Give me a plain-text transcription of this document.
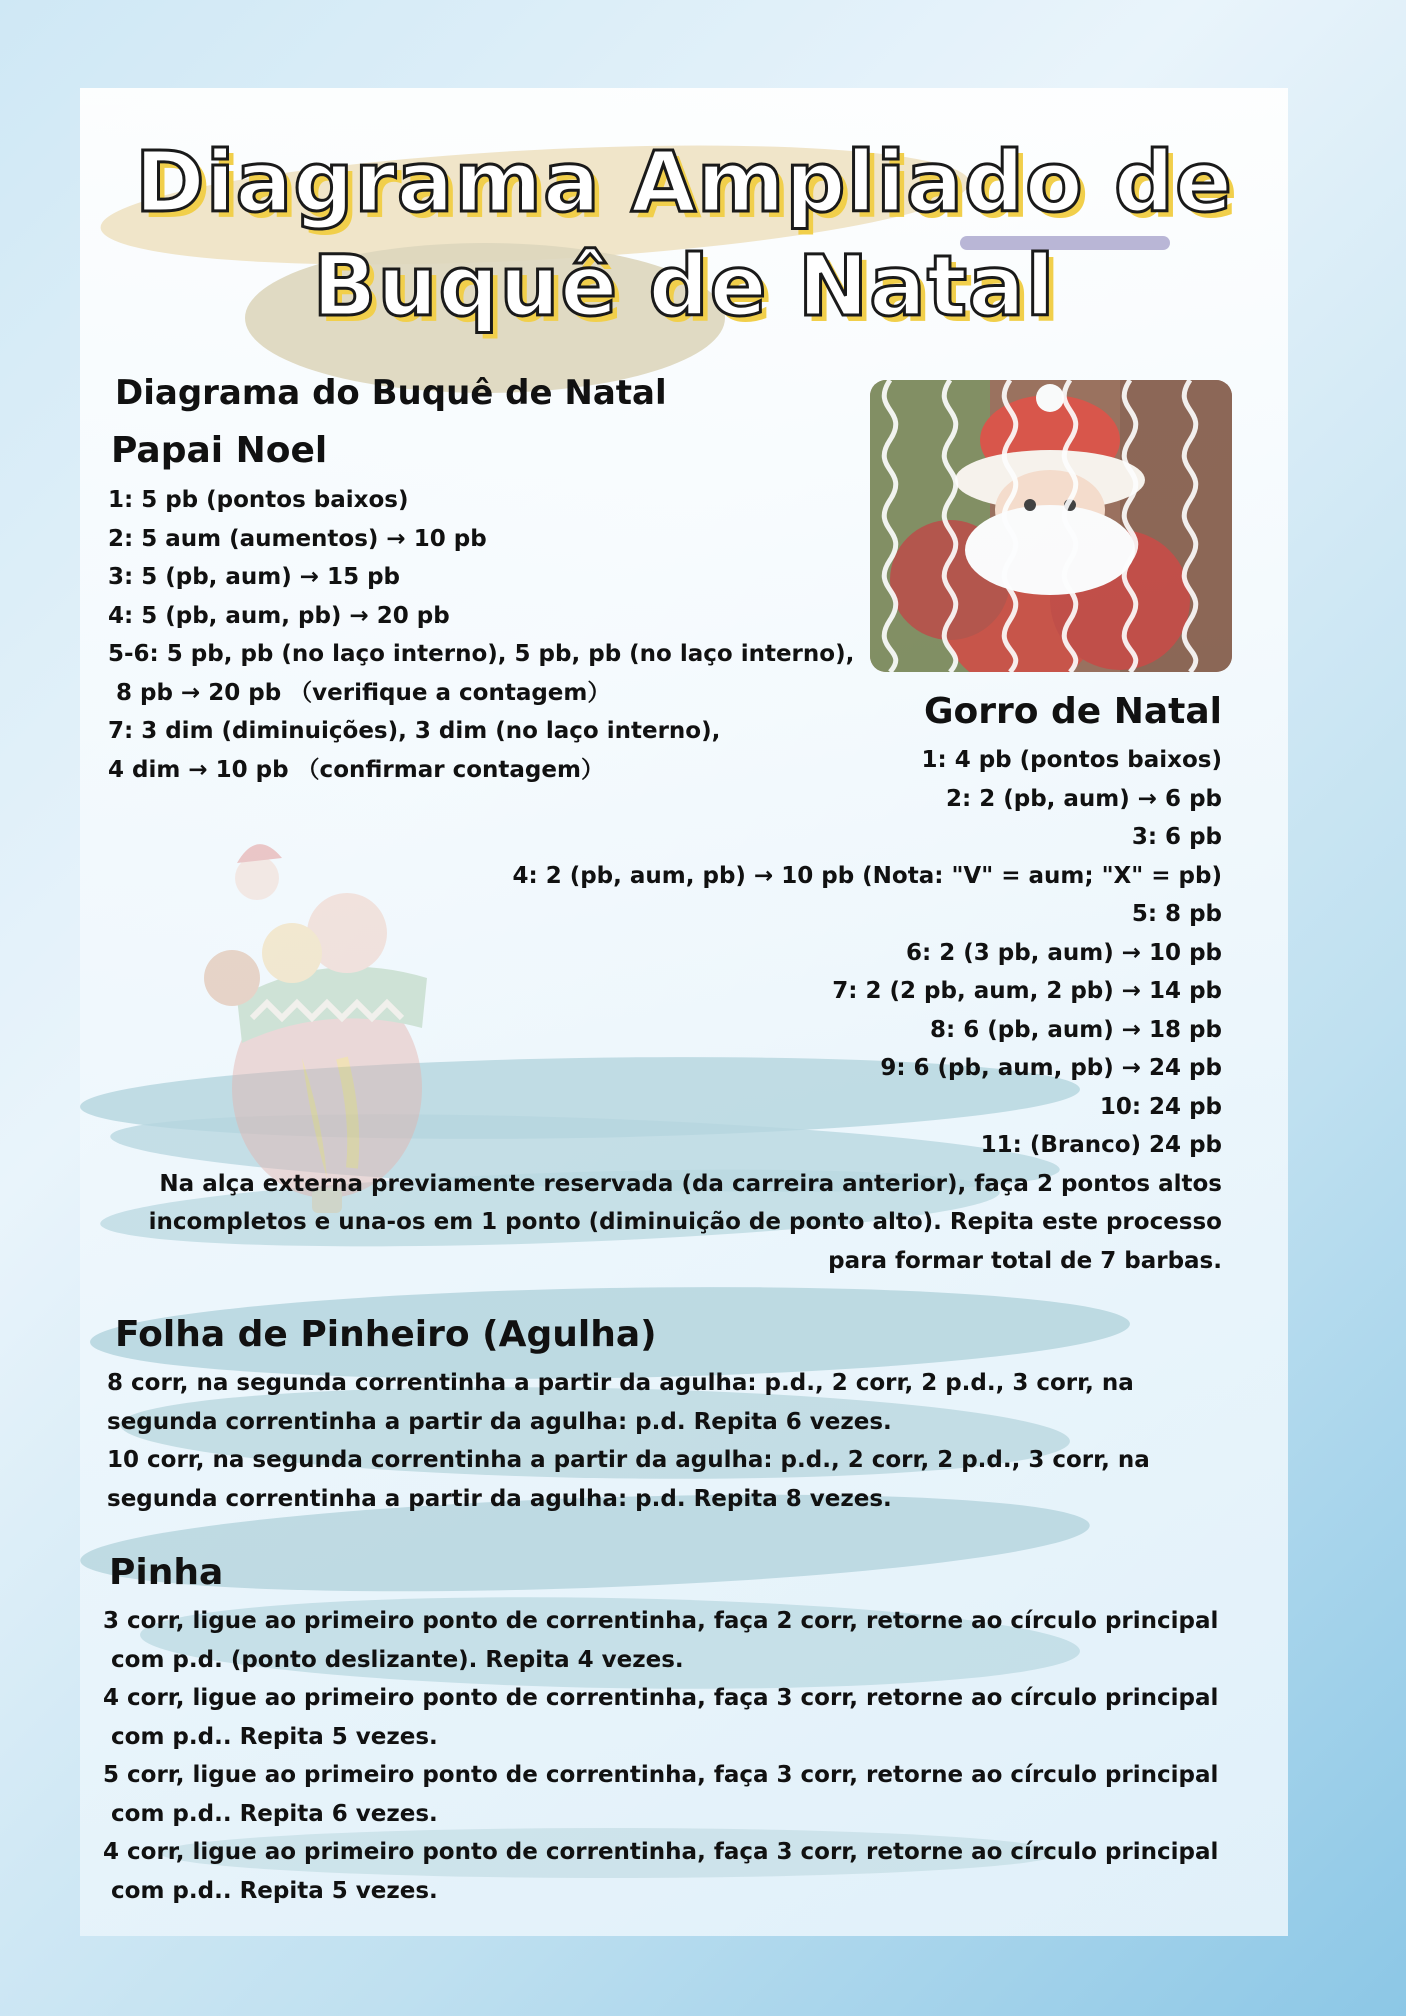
Diagrama Ampliado de
Buquê de Natal
Diagrama do Buquê de Natal
Papai Noel
1: 5 pb (pontos baixos)
2: 5 aum (aumentos) → 10 pb
3: 5 (pb, aum) → 15 pb
4: 5 (pb, aum, pb) → 20 pb
5-6: 5 pb, pb (no laço interno), 5 pb, pb (no laço interno),
8 pb → 20 pb （verifique a contagem）
7: 3 dim (diminuições), 3 dim (no laço interno),
4 dim → 10 pb （confirmar contagem）
Gorro de Natal
1: 4 pb (pontos baixos)
2: 2 (pb, aum) → 6 pb
3: 6 pb
4: 2 (pb, aum, pb) → 10 pb (Nota: "V" = aum; "X" = pb)
5: 8 pb
6: 2 (3 pb, aum) → 10 pb
7: 2 (2 pb, aum, 2 pb) → 14 pb
8: 6 (pb, aum) → 18 pb
9: 6 (pb, aum, pb) → 24 pb
10: 24 pb
11: (Branco) 24 pb
Na alça externa previamente reservada (da carreira anterior), faça 2 pontos altos
incompletos e una-os em 1 ponto (diminuição de ponto alto). Repita este processo
para formar total de 7 barbas.
Folha de Pinheiro (Agulha)
8 corr, na segunda correntinha a partir da agulha: p.d., 2 corr, 2 p.d., 3 corr, na
segunda correntinha a partir da agulha: p.d. Repita 6 vezes.
10 corr, na segunda correntinha a partir da agulha: p.d., 2 corr, 2 p.d., 3 corr, na
segunda correntinha a partir da agulha: p.d. Repita 8 vezes.
Pinha
3 corr, ligue ao primeiro ponto de correntinha, faça 2 corr, retorne ao círculo principal
com p.d. (ponto deslizante). Repita 4 vezes.
4 corr, ligue ao primeiro ponto de correntinha, faça 3 corr, retorne ao círculo principal
com p.d.. Repita 5 vezes.
5 corr, ligue ao primeiro ponto de correntinha, faça 3 corr, retorne ao círculo principal
com p.d.. Repita 6 vezes.
4 corr, ligue ao primeiro ponto de correntinha, faça 3 corr, retorne ao círculo principal
com p.d.. Repita 5 vezes.
